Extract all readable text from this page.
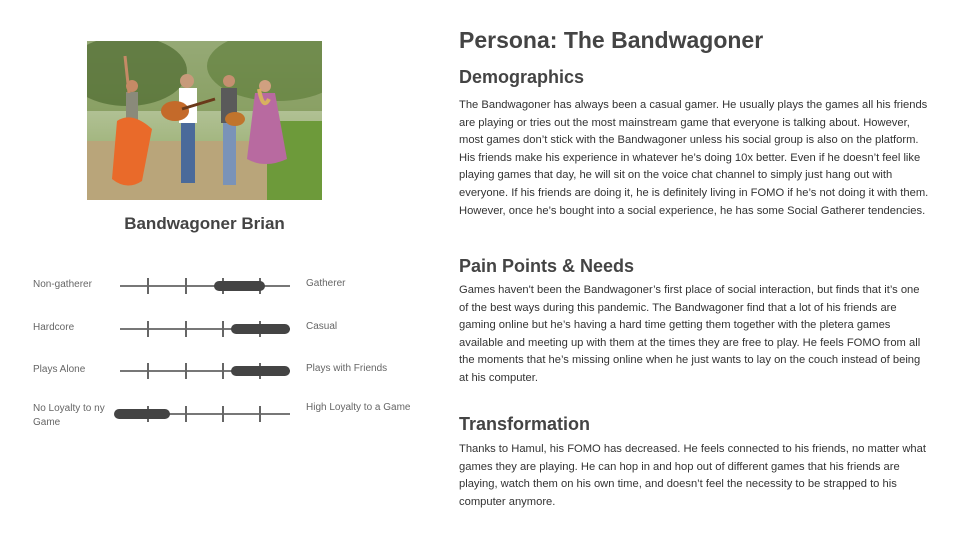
Bandwagoner Brian
Non-gatherer	Gatherer
Hardcore	Casual
Plays Alone	Plays with Friends
No Loyalty to ny Game
High Loyalty to a Game
Persona: The Bandwagoner
Demographics

The Bandwagoner has always been a casual gamer. He usually plays the games all his friends are playing or tries out the most mainstream game that everyone is talking about. However, most games don’t stick with the Bandwagoner unless his social group is also on the platform. His friends make his experience in whatever he’s doing 10x better. Even if he doesn’t feel like playing games that day, he will sit on the voice chat channel to simply just hang out with everyone. If his friends are doing it, he is definitely living in FOMO if he’s not doing it with them. However, once he’s bought into a social experience, he has some Social Gatherer tendencies.

Pain Points & Needs

Games haven't been the Bandwagoner’s first place of social interaction, but finds that it’s one of the best ways during this pandemic. The Bandwagoner find that a lot of his friends are gaming online but he’s having a hard time getting them together with the pletera games available and meeting up with them at the times they are free to play. He feels FOMO from all the moments that he’s missing online when he just wants to lay on the couch instead of being at his computer.

Transformation

Thanks to Hamul, his FOMO has decreased. He feels connected to his friends, no matter what games they are playing. He can hop in and hop out of different games that his friends are playing, watch them on his own time, and doesn’t feel the necessity to be strapped to his computer anymore.
